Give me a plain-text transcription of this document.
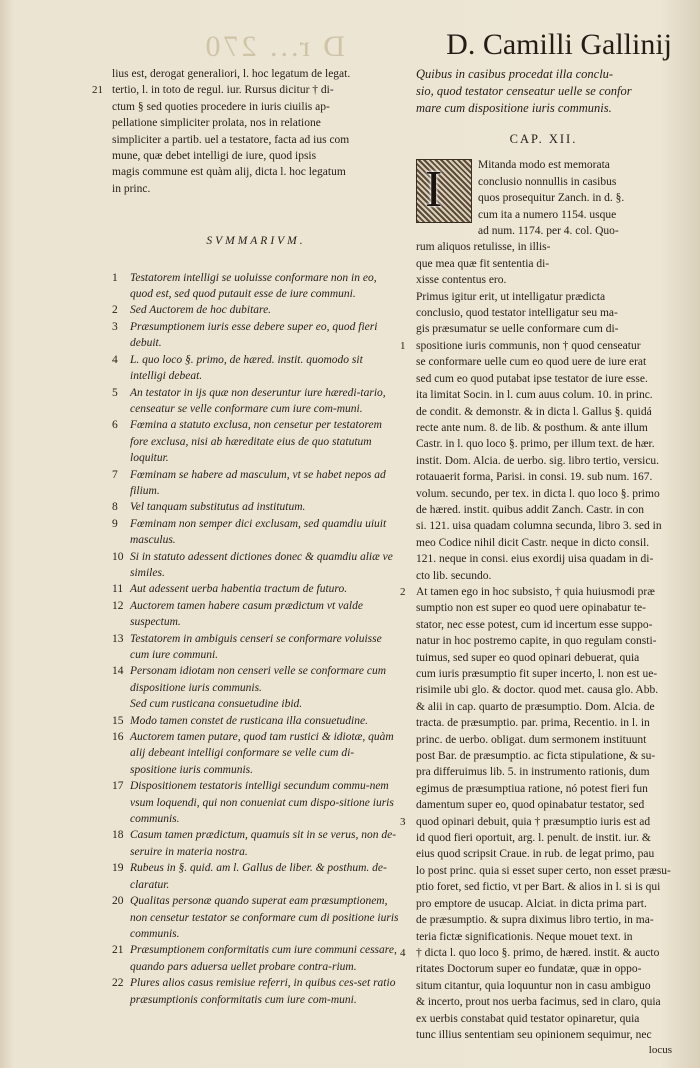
D r... 270	D. Camilli Gallinij
lius est, derogat generaliori, l. hoc legatum de legat.
21 tertio, l. in toto de regul. iur. Rursus dicitur † di-
ctum § sed quoties procedere in iuris ciuilis ap-
pellatione simpliciter prolata, nos in relatione
simpliciter a partib. uel a testatore, facta ad ius com
mune, quæ debet intelligi de iure, quod ipsis
magis commune est quàm alij, dicta l. hoc legatum
in princ.
SVMMARIVM.
1 Testatorem intelligi se uoluisse conformare non in eo, quod est, sed quod putauit esse de iure communi.
2 Sed Auctorem de hoc dubitare.
3 Præsumptionem iuris esse debere super eo, quod fieri debuit.
4 L. quo loco §. primo, de hæred. instit. quomodo sit intelligi debeat.
5 An testator in ijs quæ non deseruntur iure hæredi-tario, censeatur se velle conformare cum iure com-muni.
6 Fœmina a statuto exclusa, non censetur per testatorem fore exclusa, nisi ab hæreditate eius de quo statutum loquitur.
7 Fœminam se habere ad masculum, vt se habet nepos ad filium.
8 Vel tanquam substitutus ad institutum.
9 Fœminam non semper dici exclusam, sed quamdiu uiuit masculus.
10 Si in statuto adessent dictiones donec & quamdiu aliæ ve similes.
11 Aut adessent uerba habentia tractum de futuro.
12 Auctorem tamen habere casum prædictum vt valde suspectum.
13 Testatorem in ambiguis censeri se conformare voluisse cum iure communi.
14 Personam idiotam non censeri velle se conformare cum dispositione iuris communis.
Sed cum rusticana consuetudine ibid.
15 Modo tamen constet de rusticana illa consuetudine.
16 Auctorem tamen putare, quod tam rustici & idiotæ, quàm alij debeant intelligi conformare se velle cum di-spositione iuris communis.
17 Dispositionem testatoris intelligi secundum commu-nem vsum loquendi, qui non conueniat cum dispo-sitione iuris communis.
18 Casum tamen prædictum, quamuis sit in se verus, non de-seruire in materia nostra.
19 Rubeus in §. quid. am l. Gallus de liber. & posthum. de-claratur.
20 Qualitas personæ quando superat eam præsumptionem, non censetur testator se conformare cum di positione iuris communis.
21 Præsumptionem conformitatis cum iure communi cessare, quando pars aduersa uellet probare contra-rium.
22 Plures alios casus remisiue referri, in quibus ces-set ratio præsumptionis conformitatis cum iure com-muni.
Quibus in casibus procedat illa conclu-
sio, quod testator censeatur uelle se confor
mare cum dispositione iuris communis.
CAP. XII.
I	Mitanda modo est memorata
conclusio nonnullis in casibus
quos prosequitur Zanch. in d. §.
cum ita a numero 1154. usque
ad num. 1174. per 4. col. Quo-
rum aliquos retulisse, in illis-
que mea quæ fit sententia di-
xisse contentus ero.
Primus igitur erit, ut intelligatur prædicta
conclusio, quod testator intelligatur seu ma-
gis præsumatur se uelle conformare cum di-
1 spositione iuris communis, non † quod censeatur
se conformare uelle cum eo quod uere de iure erat
sed cum eo quod putabat ipse testator de iure esse.
ita limitat Socin. in l. cum auus colum. 10. in princ.
de condit. & demonstr. & in dicta l. Gallus §. quidá
recte ante num. 8. de lib. & posthum. & ante illum
Castr. in l. quo loco §. primo, per illum text. de hær.
instit. Dom. Alcia. de uerbo. sig. libro tertio, versicu.
rotauaerit forma, Parisi. in consi. 19. sub num. 167.
volum. secundo, per tex. in dicta l. quo loco §. primo
de hæred. instit. quibus addit Zanch. Castr. in con
si. 121. uisa quadam columna secunda, libro 3. sed in
meo Codice nihil dicit Castr. neque in dicto consil.
121. neque in consi. eius exordij uisa quadam in di-
cto lib. secundo.
2 At tamen ego in hoc subsisto, † quia huiusmodi præ
sumptio non est super eo quod uere opinabatur te-
stator, nec esse potest, cum id incertum esse suppo-
natur in hoc postremo capite, in quo regulam consti-
tuimus, sed super eo quod opinari debuerat, quia
cum iuris præsumptio fit super incerto, l. non est ue-
risimile ubi glo. & doctor. quod met. causa glo. Abb.
& alii in cap. quarto de præsumptio. Dom. Alcia. de
tracta. de præsumptio. par. prima, Recentio. in l. in
princ. de uerbo. obligat. dum sermonem instituunt
post Bar. de præsumptio. ac ficta stipulatione, & su-
pra differuimus lib. 5. in instrumento rationis, dum
egimus de præsumptiua ratione, nó potest fieri fun
damentum super eo, quod opinabatur testator, sed
3 quod opinari debuit, quia † præsumptio iuris est ad
id quod fieri oportuit, arg. l. penult. de instit. iur. &
eius quod scripsit Craue. in rub. de legat primo, pau
lo post princ. quia si esset super certo, non esset præsu-
ptio foret, sed fictio, vt per Bart. & alios in l. si is qui
pro emptore de usucap. Alciat. in dicta prima part.
de præsumptio. & supra diximus libro tertio, in ma-
teria fictæ significationis. Neque mouet text. in
4 † dicta l. quo loco §. primo, de hæred. instit. & aucto
ritates Doctorum super eo fundatæ, quæ in oppo-
situm citantur, quia loquuntur non in casu ambiguo
& incerto, prout nos uerba facimus, sed in claro, quia
ex uerbis constabat quid testator opinaretur, quia
tunc illius sententiam seu opinionem sequimur, nec
locus
